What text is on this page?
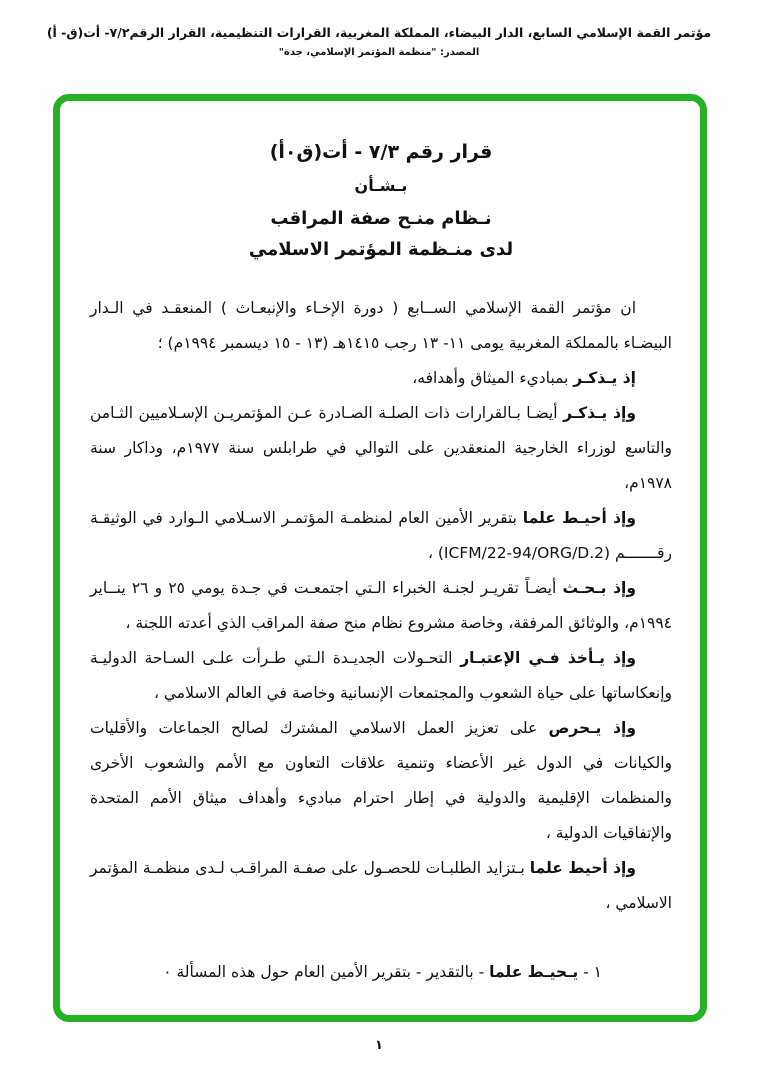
مؤتمر القمة الإسلامي السابع، الدار البيضاء، المملكة المغربية، القرارات التنظيمية، القرار الرقم٧/٢- أت(ق- أ)
المصدر: "منظمة المؤتمر الإسلامي، جدة"
قرار رقم ٧/٣ - أت(ق٠أ)
بـشـأن
نـظام منـح صفة المراقب
لدى منـظمة المؤتمر الاسلامي

ان مؤتمر القمة الإسلامي الســابع ( دورة الإخـاء والإنبعـاث ) المنعقـد في الـدار البيضـاء بالمملكة المغربية يومى ١١- ١٣ رجب ١٤١٥هـ (١٣ - ١٥ ديسمبر ١٩٩٤م) ؛

إذ يـذكـر بمباديء الميثاق وأهدافه،

وإذ يـذكـر أيضـا بـالقرارات ذات الصلـة الصـادرة عـن المؤتمريـن الإسـلاميين الثـامن والتاسع لوزراء الخارجية المنعقدين على التوالي في طرابلس سنة ١٩٧٧م، وداكار سنة ١٩٧٨م،

وإذ أحيـط علما بتقرير الأمين العام لمنظمـة المؤتمـر الاسـلامي الـوارد في الوثيقـة رقـــــــم (ICFM/22-94/ORG/D.2) ،

وإذ بـحـث أيضـاً تقريـر لجنـة الخبراء الـتي اجتمعـت في جـدة يومي ٢٥ و ٢٦ ينــاير ١٩٩٤م، والوثائق المرفقة، وخاصة مشروع نظام منح صفة المراقب الذي أعدته اللجنة ،

وإذ يـأخذ فـي الإعتبـار التحـولات الجديـدة الـتي طـرأت علـى السـاحة الدوليـة وإنعكاساتها على حياة الشعوب والمجتمعات الإنسانية وخاصة في العالم الاسلامي ،

وإذ يـحرص على تعزيز العمل الاسلامي المشترك لصالح الجماعات والأقليات والكيانات في الدول غير الأعضاء وتنمية علاقات التعاون مع الأمم والشعوب الأخرى والمنظمات الإقليمية والدولية في إطار احترام مباديء وأهداف ميثاق الأمم المتحدة والإتفاقيات الدولية ،

وإذ أحيط علما بـتزايد الطلبـات للحصـول على صفـة المراقـب لـدى منظمـة المؤتمر الاسلامي ،

١ - يـحيـط علما - بالتقدير - بتقرير الأمين العام حول هذه المسألة ٠

١
